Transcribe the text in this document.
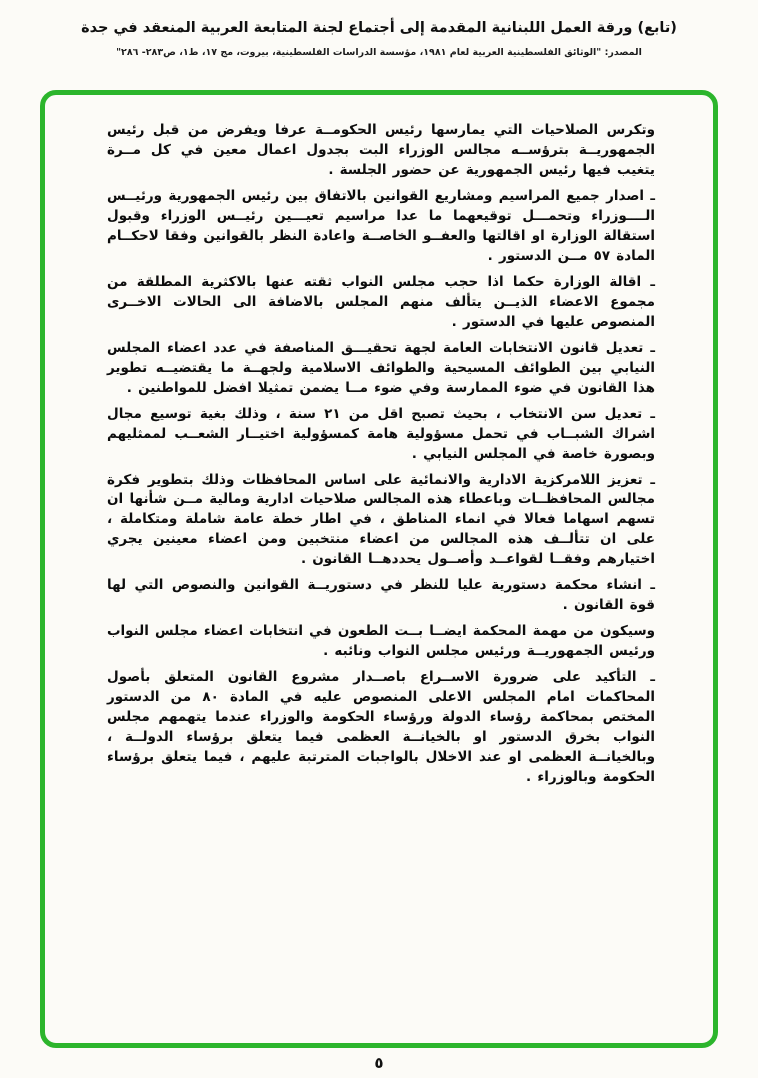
(تابع) ورقة العمل اللبنانية المقدمة إلى أجتماع لجنة المتابعة العربية المنعقد في جدة
المصدر: "الوثائق الفلسطينية العربية لعام ١٩٨١، مؤسسة الدراسات الفلسطينية، بيروت، مج ١٧، ط١، ص٢٨٣- ٢٨٦"

وتكرس الصلاحيات التي يمارسها رئيس الحكومــة عرفا ويفرض من قبل رئيس الجمهوريــة بترؤســه مجالس الوزراء البت بجدول اعمال معين في كل مــرة يتغيب فيها رئيس الجمهورية عن حضور الجلسة .

ـ اصدار جميع المراسيم ومشاريع القوانين بالاتفاق بين رئيس الجمهورية ورئيــس الــــوزراء وتحمـــل توقيعهما ما عدا مراسيم تعيـــين رئيــس الوزراء وقبول استقالة الوزارة او اقالتها والعفــو الخاصــة واعادة النظر بالقوانين وفقا لاحكــام المادة ٥٧ مــن الدستور .

ـ اقالة الوزارة حكما اذا حجب مجلس النواب ثقته عنها بالاكثرية المطلقة من مجموع الاعضاء الذيــن يتألف منهم المجلس بالاضافة الى الحالات الاخــرى المنصوص عليها في الدستور .

ـ تعديل قانون الانتخابات العامة لجهة تحقيـــق المناصفة في عدد اعضاء المجلس النيابي بين الطوائف المسيحية والطوائف الاسلامية ولجهــة ما يقتضيــه تطوير هذا القانون في ضوء الممارسة وفي ضوء مــا يضمن تمثيلا افضل للمواطنين .

ـ تعديل سن الانتخاب ، بحيث تصبح اقل من ٢١ سنة ، وذلك بغية توسيع مجال اشراك الشبــاب في تحمل مسؤولية هامة كمسؤولية اختيــار الشعــب لممثليهم وبصورة خاصة في المجلس النيابي .

ـ تعزيز اللامركزية الادارية والانمائية على اساس المحافظات وذلك بتطوير فكرة مجالس المحافظــات وباعطاء هذه المجالس صلاحيات ادارية ومالية مــن شأنها ان تسهم اسهاما فعالا في انماء المناطق ، في اطار خطة عامة شاملة ومتكاملة ، على ان تتألــف هذه المجالس من اعضاء منتخبين ومن اعضاء معينين يجري اختيارهم وفقــا لقواعــد وأصــول يحددهــا القانون .

ـ انشاء محكمة دستورية عليا للنظر في دستوريــة القوانين والنصوص التي لها قوة القانون .

وسيكون من مهمة المحكمة ايضــا بــت الطعون في انتخابات اعضاء مجلس النواب ورئيس الجمهوريــة ورئيس مجلس النواب ونائبه .

ـ التأكيد على ضرورة الاســراع باصــدار مشروع القانون المتعلق بأصول المحاكمات امام المجلس الاعلى المنصوص عليه في المادة ٨٠ من الدستور المختص بمحاكمة رؤساء الدولة ورؤساء الحكومة والوزراء عندما يتهمهم مجلس النواب بخرق الدستور او بالخيانــة العظمى فيما يتعلق برؤساء الدولــة ، وبالخيانــة العظمى او عند الاخلال بالواجبات المترتبة عليهم ، فيما يتعلق برؤساء الحكومة وبالوزراء .

٥
